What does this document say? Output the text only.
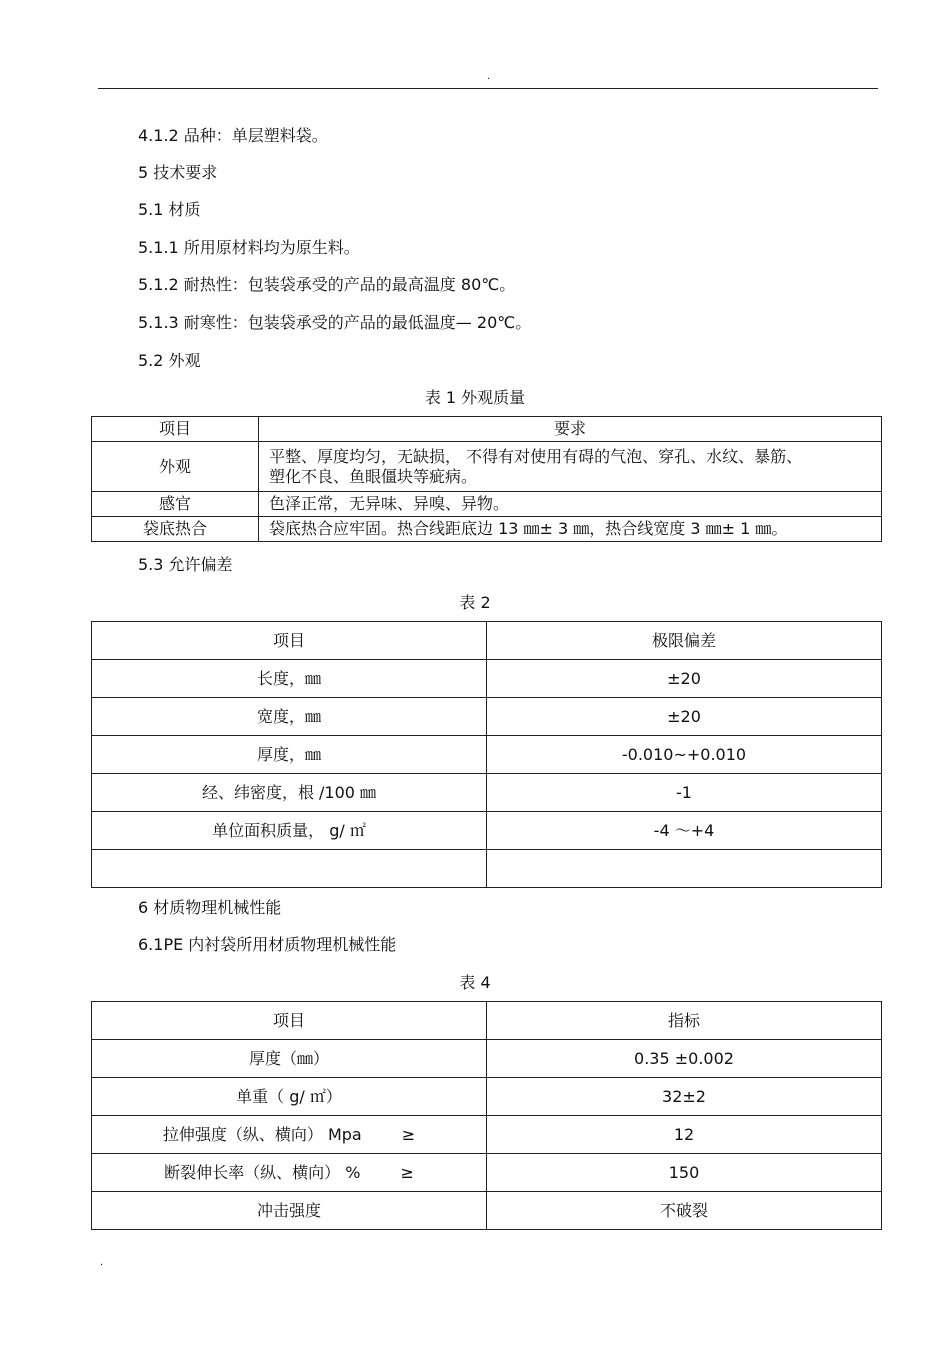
.
4.1.2 品种：单层塑料袋。
5 技术要求
5.1 材质
5.1.1 所用原材料均为原生料。
5.1.2 耐热性：包装袋承受的产品的最高温度 80℃。
5.1.3 耐寒性：包装袋承受的产品的最低温度— 20℃。
5.2 外观
表 1 外观质量
项目	要求
外观	平整、厚度均匀，无缺损， 不得有对使用有碍的气泡、穿孔、水纹、暴筋、
塑化不良、鱼眼僵块等疵病。

感官	色泽正常，无异味、异嗅、异物。
袋底热合	袋底热合应牢固。热合线距底边 13 ㎜± 3 ㎜，热合线宽度 3 ㎜± 1 ㎜。
5.3 允许偏差
表 2
项目	极限偏差
长度，㎜	±20
宽度，㎜	±20
厚度，㎜	-0.010~+0.010
经、纬密度，根 /100 ㎜	-1
单位面积质量， g/ ㎡	-4 ～+4

6 材质物理机械性能
6.1PE 内衬袋所用材质物理机械性能
表 4
项目	指标
厚度（㎜）	0.35 ±0.002
单重（ g/ ㎡）	32±2
拉伸强度（纵、横向） Mpa ≥	12
断裂伸长率（纵、横向） % ≥	150
冲击强度	不破裂
.
